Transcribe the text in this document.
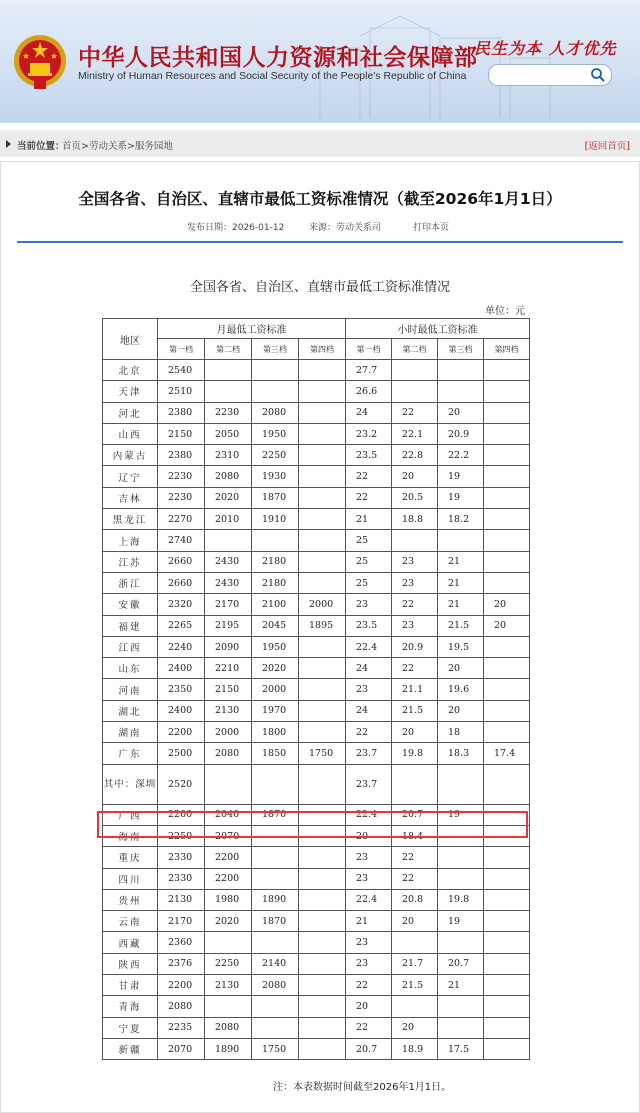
中华人民共和国人力资源和社会保障部
Ministry of Human Resources and Social Security of the People's Republic of China
民生为本 人才优先
当前位置：
首页>劳动关系>服务园地	[返回首页]
全国各省、自治区、直辖市最低工资标准情况（截至2026年1月1日）
发布日期：2026-01-12	来源：劳动关系司	打印本页
全国各省、自治区、直辖市最低工资标准情况
单位：元
地区	月最低工资标准				小时最低工资标准			
	第一档	第二档	第三档	第四档	第一档	第二档	第三档	第四档
北京	2540				27.7			
天津	2510				26.6			
河北	2380	2230	2080		24	22	20	
山西	2150	2050	1950		23.2	22.1	20.9	
内蒙古	2380	2310	2250		23.5	22.8	22.2	
辽宁	2230	2080	1930		22	20	19	
吉林	2230	2020	1870		22	20.5	19	
黑龙江	2270	2010	1910		21	18.8	18.2	
上海	2740				25			
江苏	2660	2430	2180		25	23	21	
浙江	2660	2430	2180		25	23	21	
安徽	2320	2170	2100	2000	23	22	21	20
福建	2265	2195	2045	1895	23.5	23	21.5	20
江西	2240	2090	1950		22.4	20.9	19.5	
山东	2400	2210	2020		24	22	20	
河南	2350	2150	2000		23	21.1	19.6	
湖北	2400	2130	1970		24	21.5	20	
湖南	2200	2000	1800		22	20	18	
广东	2500	2080	1850	1750	23.7	19.8	18.3	17.4
其中：深圳	2520				23.7			
广西	2200	2040	1870		22.4	20.7	19	
海南	2250	2070			20	18.4		
重庆	2330	2200			23	22		
四川	2330	2200			23	22		
贵州	2130	1980	1890		22.4	20.8	19.8	
云南	2170	2020	1870		21	20	19	
西藏	2360				23			
陕西	2376	2250	2140		23	21.7	20.7	
甘肃	2200	2130	2080		22	21.5	21	
青海	2080				20			
宁夏	2235	2080			22	20		
新疆	2070	1890	1750		20.7	18.9	17.5	
注：本表数据时间截至2026年1月1日。
